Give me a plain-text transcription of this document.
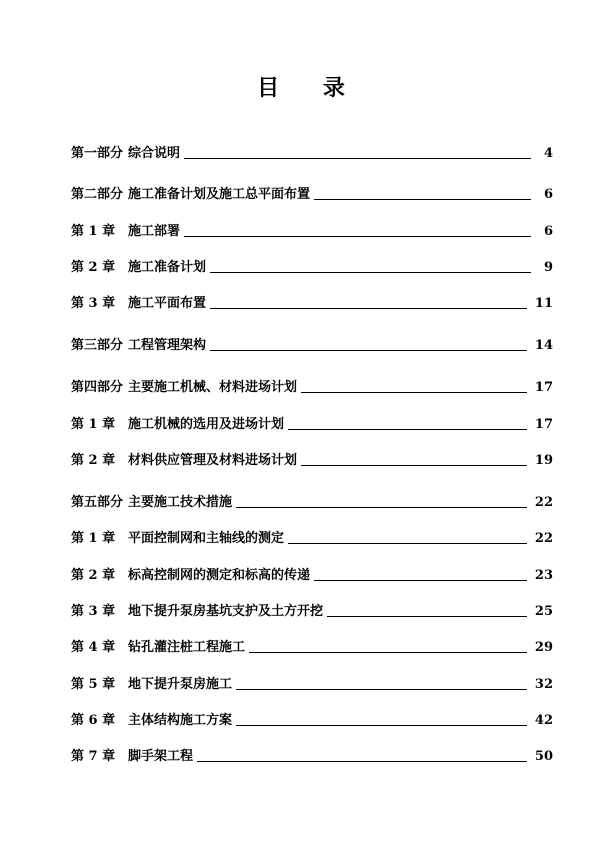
目 录
第一部分 综合说明	4
第二部分 施工准备计划及施工总平面布置	6
第 1 章 施工部署	6
第 2 章 施工准备计划	9
第 3 章 施工平面布置	11
第三部分 工程管理架构	14
第四部分 主要施工机械、材料进场计划	17
第 1 章 施工机械的选用及进场计划	17
第 2 章 材料供应管理及材料进场计划	19
第五部分 主要施工技术措施	22
第 1 章 平面控制网和主轴线的测定	22
第 2 章 标高控制网的测定和标高的传递	23
第 3 章 地下提升泵房基坑支护及土方开挖	25
第 4 章 钻孔灌注桩工程施工	29
第 5 章 地下提升泵房施工	32
第 6 章 主体结构施工方案	42
第 7 章 脚手架工程	50
